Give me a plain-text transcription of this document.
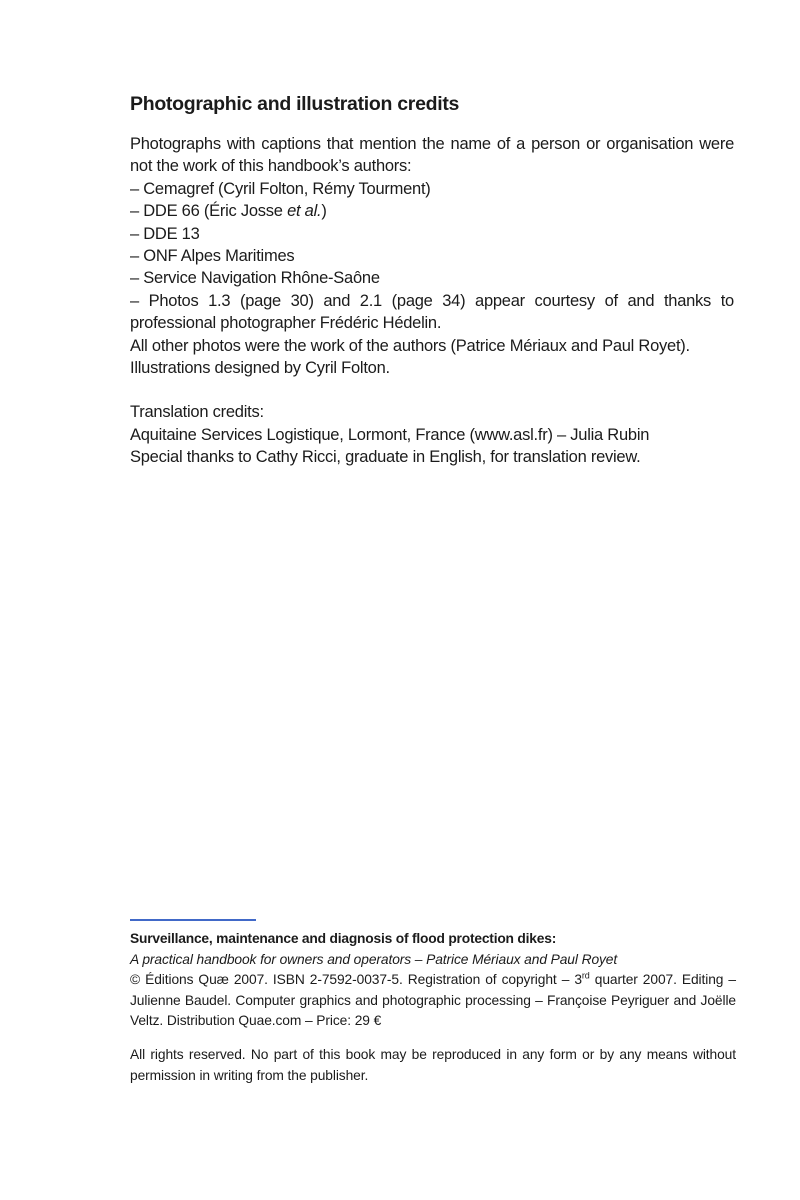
Photographic and illustration credits

Photographs with captions that mention the name of a person or organisation were not the work of this handbook’s authors:

– Cemagref (Cyril Folton, Rémy Tourment)
– DDE 66 (Éric Josse et al.)
– DDE 13
– ONF Alpes Maritimes
– Service Navigation Rhône-Saône

– Photos 1.3 (page 30) and 2.1 (page 34) appear courtesy of and thanks to professional photographer Frédéric Hédelin.

All other photos were the work of the authors (Patrice Mériaux and Paul Royet).
Illustrations designed by Cyril Folton.
Translation credits:
Aquitaine Services Logistique, Lormont, France (www.asl.fr) – Julia Rubin
Special thanks to Cathy Ricci, graduate in English, for translation review.
Surveillance, maintenance and diagnosis of flood protection dikes:
A practical handbook for owners and operators – Patrice Mériaux and Paul Royet

© Éditions Quæ 2007. ISBN 2-7592-0037-5. Registration of copyright – 3rd quarter 2007. Editing – Julienne Baudel. Computer graphics and photographic processing – Françoise Peyriguer and Joëlle Veltz. Distribution Quae.com – Price: 29 €

All rights reserved. No part of this book may be reproduced in any form or by any means without permission in writing from the publisher.
